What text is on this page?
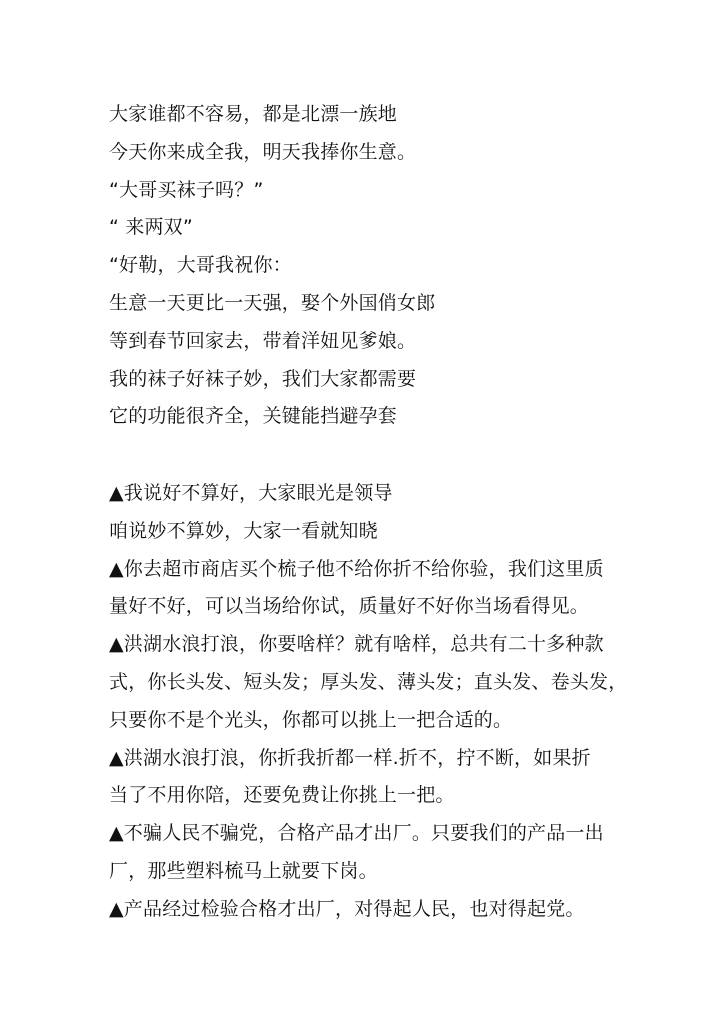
大家谁都不容易，都是北漂一族地
今天你来成全我，明天我捧你生意。
“大哥买袜子吗？”
“ 来两双”
“好勒，大哥我祝你：
生意一天更比一天强，娶个外国俏女郎
等到春节回家去，带着洋妞见爹娘。
我的袜子好袜子妙，我们大家都需要
它的功能很齐全，关键能挡避孕套
▲我说好不算好，大家眼光是领导
咱说妙不算妙，大家一看就知晓
▲你去超市商店买个梳子他不给你折不给你验，我们这里质
量好不好，可以当场给你试，质量好不好你当场看得见。
▲洪湖水浪打浪，你要啥样？就有啥样，总共有二十多种款
式，你长头发、短头发；厚头发、薄头发；直头发、卷头发，
只要你不是个光头，你都可以挑上一把合适的。
▲洪湖水浪打浪，你折我折都一样.折不，拧不断，如果折
当了不用你陪，还要免费让你挑上一把。
▲不骗人民不骗党，合格产品才出厂。只要我们的产品一出
厂，那些塑料梳马上就要下岗。
▲产品经过检验合格才出厂，对得起人民，也对得起党。
